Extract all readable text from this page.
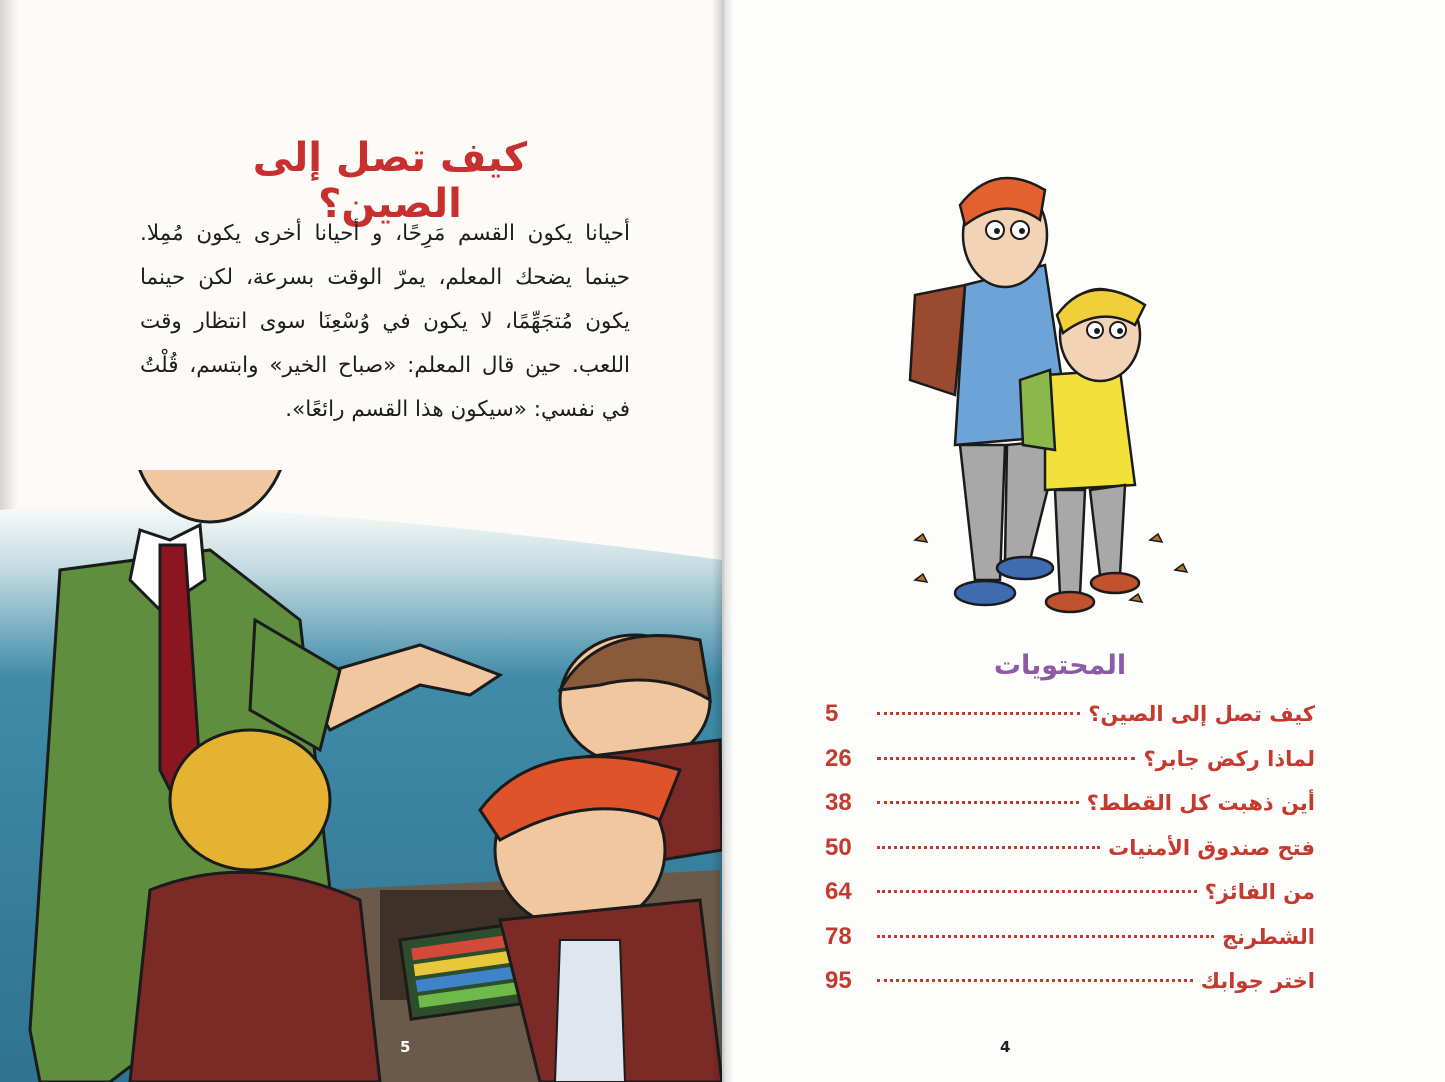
كيف تصل إلى الصين؟

أحيانا يكون القسم مَرِحًا، و أحيانا أخرى يكون مُمِلا. حينما يضحك المعلم، يمرّ الوقت بسرعة، لكن حينما يكون مُتجَهِّمًا، لا يكون في وُسْعِنَا سوى انتظار وقت اللعب. حين قال المعلم: «صباح الخير» وابتسم، قُلْتُ في نفسي: «سيكون هذا القسم رائعًا».

5
المحتويات
كيف تصل إلى الصين؟
5
لماذا ركض جابر؟
26
أين ذهبت كل القطط؟
38
فتح صندوق الأمنيات
50
من الفائز؟
64
الشطرنج
78
اختر جوابك
95
4
